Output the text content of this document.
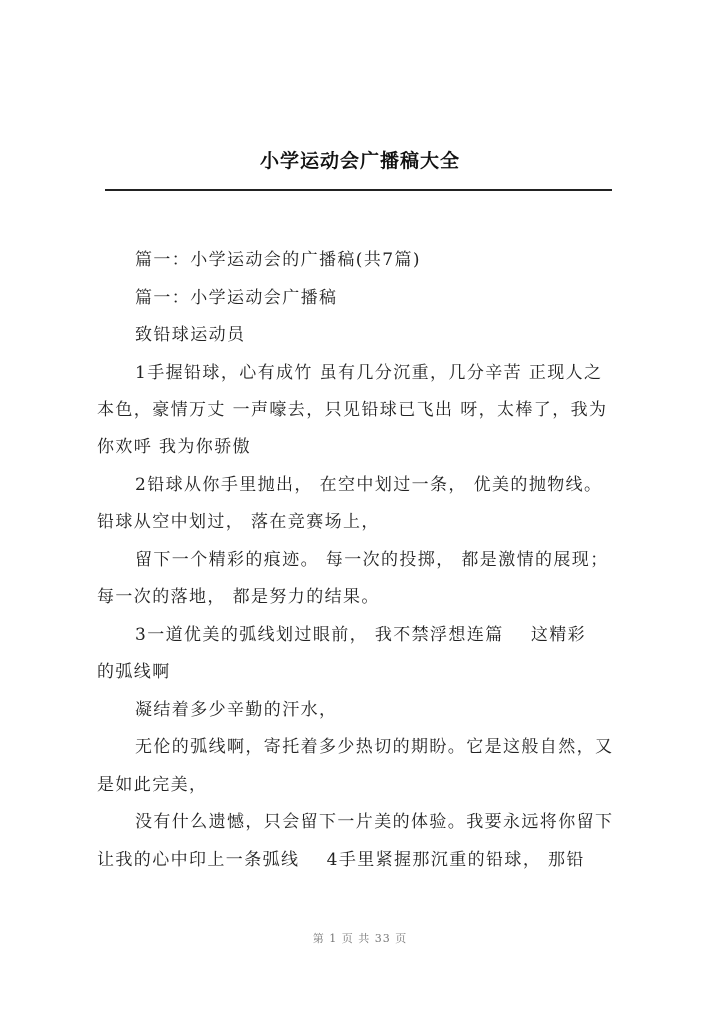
小学运动会广播稿大全
篇一：小学运动会的广播稿(共7篇)
篇一：小学运动会广播稿
致铅球运动员
1手握铅球，心有成竹 虽有几分沉重，几分辛苦 正现人之
本色，豪情万丈 一声嚎去，只见铅球已飞出 呀，太棒了，我为
你欢呼 我为你骄傲
2铅球从你手里抛出， 在空中划过一条， 优美的抛物线。
铅球从空中划过， 落在竞赛场上，
留下一个精彩的痕迹。 每一次的投掷， 都是激情的展现；
每一次的落地， 都是努力的结果。
3一道优美的弧线划过眼前， 我不禁浮想连篇    这精彩
的弧线啊
凝结着多少辛勤的汗水，
无伦的弧线啊，寄托着多少热切的期盼。它是这般自然，又
是如此完美，
没有什么遗憾，只会留下一片美的体验。我要永远将你留下
让我的心中印上一条弧线    4手里紧握那沉重的铅球， 那铅
第 1 页 共 33 页
